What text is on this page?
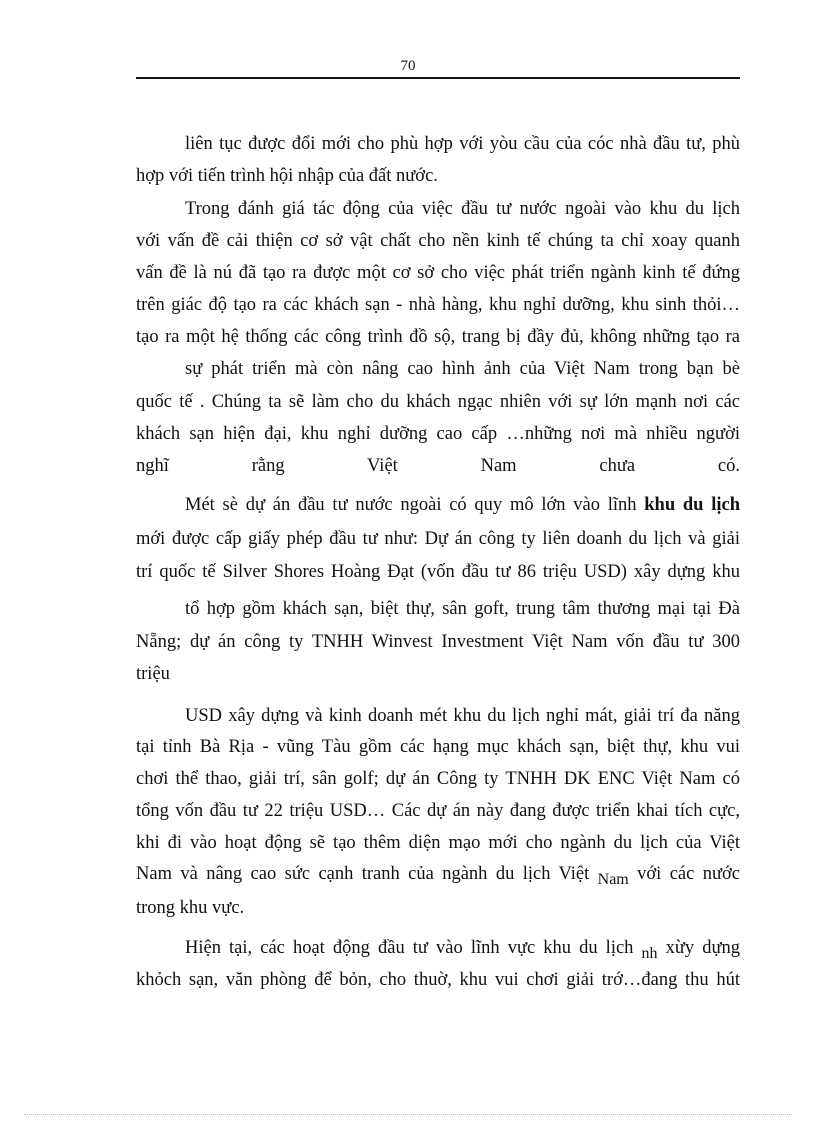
70
liên tục được đổi mới cho phù hợp với yòu cầu của cóc nhà đầu tư, phù
hợp với tiến trình hội nhập của đất nước.
Trong đánh giá tác động của việc đầu tư nước ngoài vào khu du lịch
với vấn đề cải thiện cơ sở vật chất cho nền kinh tế chúng ta chỉ xoay quanh
vấn đề là nú đã tạo ra được một cơ sở cho việc phát triển ngành kinh tế đứng
trên giác độ tạo ra các khách sạn - nhà hàng, khu nghỉ dưỡng, khu sinh thỏi…
tạo ra một hệ thống các công trình đồ sộ, trang bị đầy đủ, không những tạo ra
sự phát triển mà còn nâng cao hình ảnh của Việt Nam trong bạn bè
quốc tế . Chúng ta sẽ làm cho du khách ngạc nhiên với sự lớn mạnh nơi các
khách sạn hiện đại, khu nghỉ dưỡng cao cấp …những nơi mà nhiều người
nghĩ rằng Việt Nam chưa có.
Mét sè dự án đầu tư nước ngoài có quy mô lớn vào lĩnh khu du lịch
mới được cấp giấy phép đầu tư như: Dự án công ty liên doanh du lịch và giải
trí quốc tế Silver Shores Hoàng Đạt (vốn đầu tư 86 triệu USD) xây dựng khu
tổ hợp gồm khách sạn, biệt thự, sân goft, trung tâm thương mại tại Đà
Nẵng; dự án công ty TNHH Winvest Investment Việt Nam vốn đầu tư 300
triệu
USD xây dựng và kinh doanh mét khu du lịch nghỉ mát, giải trí đa năng
tại tỉnh Bà Rịa - vũng Tàu gồm các hạng mục khách sạn, biệt thự, khu vui
chơi thể thao, giải trí, sân golf; dự án Công ty TNHH DK ENC Việt Nam có
tổng vốn đầu tư 22 triệu USD… Các dự án này đang được triển khai tích cực,
khi đi vào hoạt động sẽ tạo thêm diện mạo mới cho ngành du lịch của Việt
Nam và nâng cao sức cạnh tranh của ngành du lịch Việt Nam với các nước
trong khu vực.
Hiện tại, các hoạt động đầu tư vào lĩnh vực khu du lịch nh xừy dựng
khỏch sạn, văn phòng để bỏn, cho thuờ, khu vui chơi giải trớ…đang thu hút
